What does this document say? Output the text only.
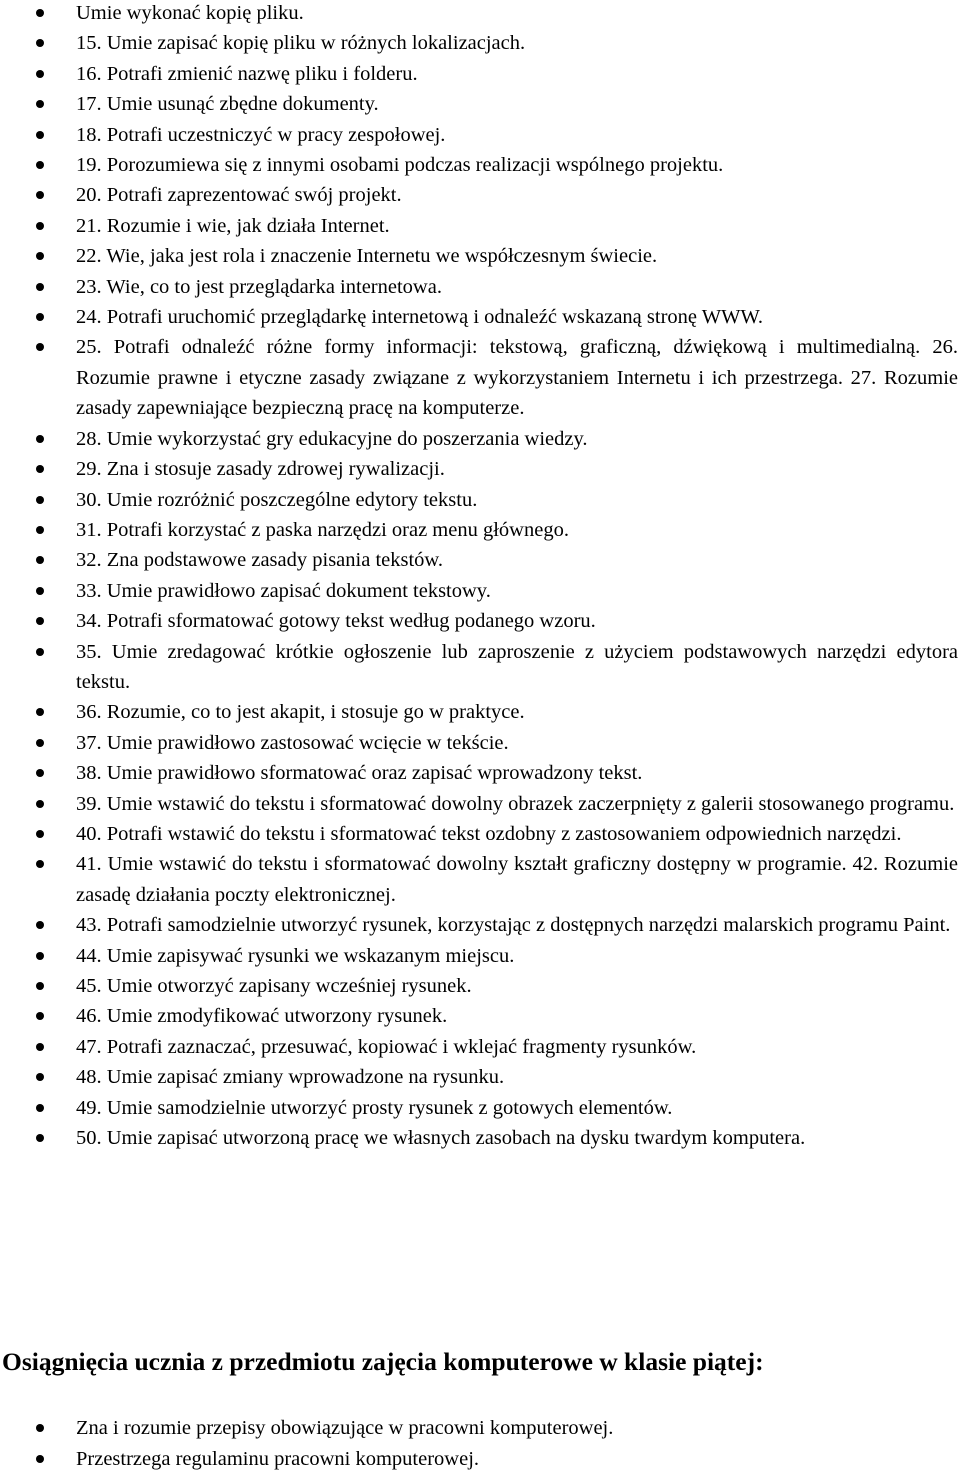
Umie wykonać kopię pliku.
15. Umie zapisać kopię pliku w różnych lokalizacjach.
16. Potrafi zmienić nazwę pliku i folderu.
17. Umie usunąć zbędne dokumenty.
18. Potrafi uczestniczyć w pracy zespołowej.
19. Porozumiewa się z innymi osobami podczas realizacji wspólnego projektu.
20. Potrafi zaprezentować swój projekt.
21. Rozumie i wie, jak działa Internet.
22. Wie, jaka jest rola i znaczenie Internetu we współczesnym świecie.
23. Wie, co to jest przeglądarka internetowa.
24. Potrafi uruchomić przeglądarkę internetową i odnaleźć wskazaną stronę WWW.
25. Potrafi odnaleźć różne formy informacji: tekstową, graficzną, dźwiękową i multimedialną. 26. Rozumie prawne i etyczne zasady związane z wykorzystaniem Internetu i ich przestrzega. 27. Rozumie zasady zapewniające bezpieczną pracę na komputerze.
28. Umie wykorzystać gry edukacyjne do poszerzania wiedzy.
29. Zna i stosuje zasady zdrowej rywalizacji.
30. Umie rozróżnić poszczególne edytory tekstu.
31. Potrafi korzystać z paska narzędzi oraz menu głównego.
32. Zna podstawowe zasady pisania tekstów.
33. Umie prawidłowo zapisać dokument tekstowy.
34. Potrafi sformatować gotowy tekst według podanego wzoru.
35. Umie zredagować krótkie ogłoszenie lub zaproszenie z użyciem podstawowych narzędzi edytora tekstu.
36. Rozumie, co to jest akapit, i stosuje go w praktyce.
37. Umie prawidłowo zastosować wcięcie w tekście.
38. Umie prawidłowo sformatować oraz zapisać wprowadzony tekst.
39. Umie wstawić do tekstu i sformatować dowolny obrazek zaczerpnięty z galerii stosowanego programu.
40. Potrafi wstawić do tekstu i sformatować tekst ozdobny z zastosowaniem odpowiednich narzędzi.
41. Umie wstawić do tekstu i sformatować dowolny kształt graficzny dostępny w programie. 42. Rozumie zasadę działania poczty elektronicznej.
43. Potrafi samodzielnie utworzyć rysunek, korzystając z dostępnych narzędzi malarskich programu Paint.
44. Umie zapisywać rysunki we wskazanym miejscu.
45. Umie otworzyć zapisany wcześniej rysunek.
46. Umie zmodyfikować utworzony rysunek.
47. Potrafi zaznaczać, przesuwać, kopiować i wklejać fragmenty rysunków.
48. Umie zapisać zmiany wprowadzone na rysunku.
49. Umie samodzielnie utworzyć prosty rysunek z gotowych elementów.
50. Umie zapisać utworzoną pracę we własnych zasobach na dysku twardym komputera.
Osiągnięcia ucznia z przedmiotu zajęcia komputerowe w klasie piątej:
Zna i rozumie przepisy obowiązujące w pracowni komputerowej.
Przestrzega regulaminu pracowni komputerowej.
